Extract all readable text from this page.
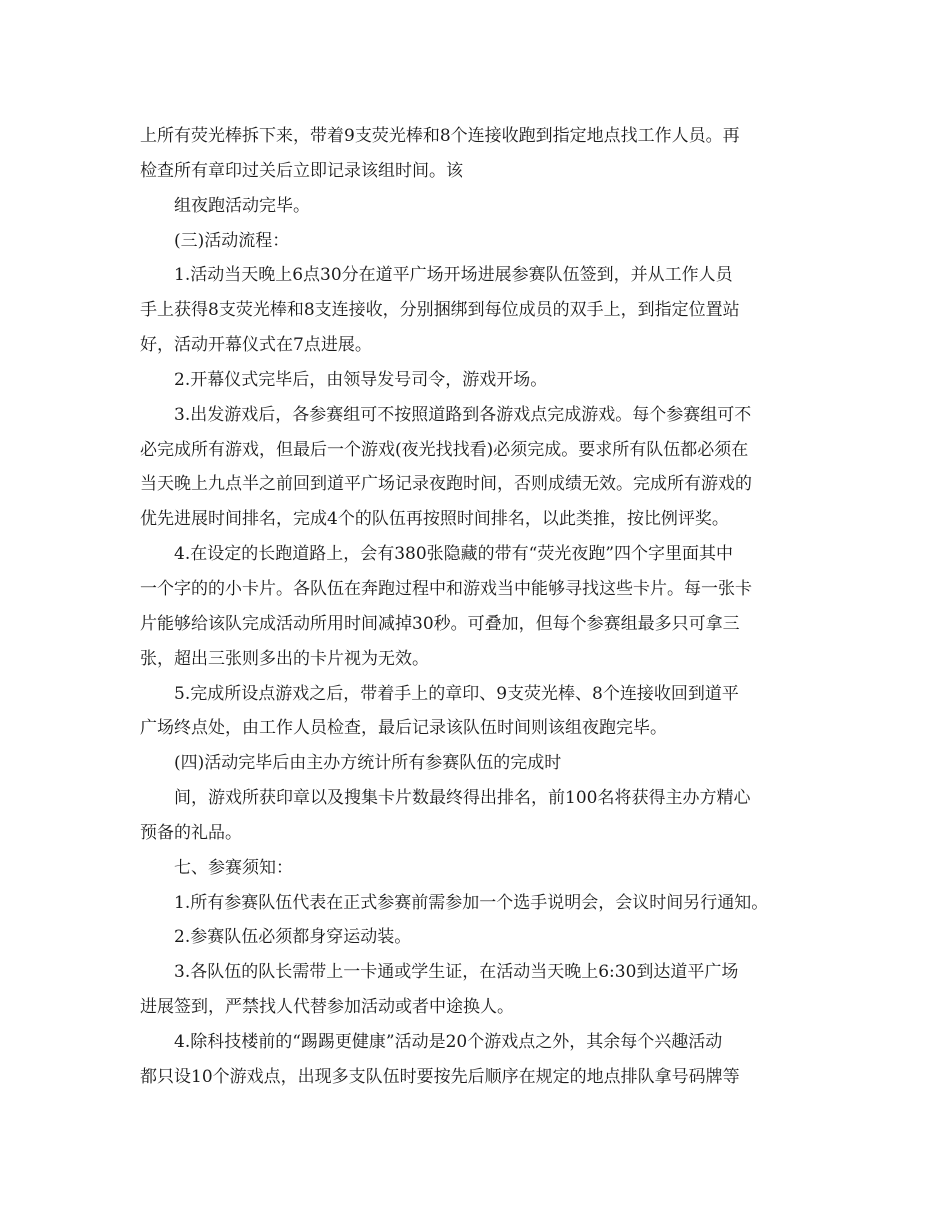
上所有荧光棒拆下来，带着9支荧光棒和8个连接收跑到指定地点找工作人员。再
检查所有章印过关后立即记录该组时间。该
组夜跑活动完毕。
(三)活动流程：
1.活动当天晚上6点30分在道平广场开场进展参赛队伍签到，并从工作人员
手上获得8支荧光棒和8支连接收，分别捆绑到每位成员的双手上，到指定位置站
好，活动开幕仪式在7点进展。
2.开幕仪式完毕后，由领导发号司令，游戏开场。
3.出发游戏后，各参赛组可不按照道路到各游戏点完成游戏。每个参赛组可不
必完成所有游戏，但最后一个游戏(夜光找找看)必须完成。要求所有队伍都必须在
当天晚上九点半之前回到道平广场记录夜跑时间，否则成绩无效。完成所有游戏的
优先进展时间排名，完成4个的队伍再按照时间排名，以此类推，按比例评奖。
4.在设定的长跑道路上，会有380张隐藏的带有“荧光夜跑”四个字里面其中
一个字的的小卡片。各队伍在奔跑过程中和游戏当中能够寻找这些卡片。每一张卡
片能够给该队完成活动所用时间减掉30秒。可叠加，但每个参赛组最多只可拿三
张，超出三张则多出的卡片视为无效。
5.完成所设点游戏之后，带着手上的章印、9支荧光棒、8个连接收回到道平
广场终点处，由工作人员检查，最后记录该队伍时间则该组夜跑完毕。
(四)活动完毕后由主办方统计所有参赛队伍的完成时
间，游戏所获印章以及搜集卡片数最终得出排名，前100名将获得主办方精心
预备的礼品。
七、参赛须知：
1.所有参赛队伍代表在正式参赛前需参加一个选手说明会，会议时间另行通知。
2.参赛队伍必须都身穿运动装。
3.各队伍的队长需带上一卡通或学生证，在活动当天晚上6:30到达道平广场
进展签到，严禁找人代替参加活动或者中途换人。
4.除科技楼前的“踢踢更健康”活动是20个游戏点之外，其余每个兴趣活动
都只设10个游戏点，出现多支队伍时要按先后顺序在规定的地点排队拿号码牌等
